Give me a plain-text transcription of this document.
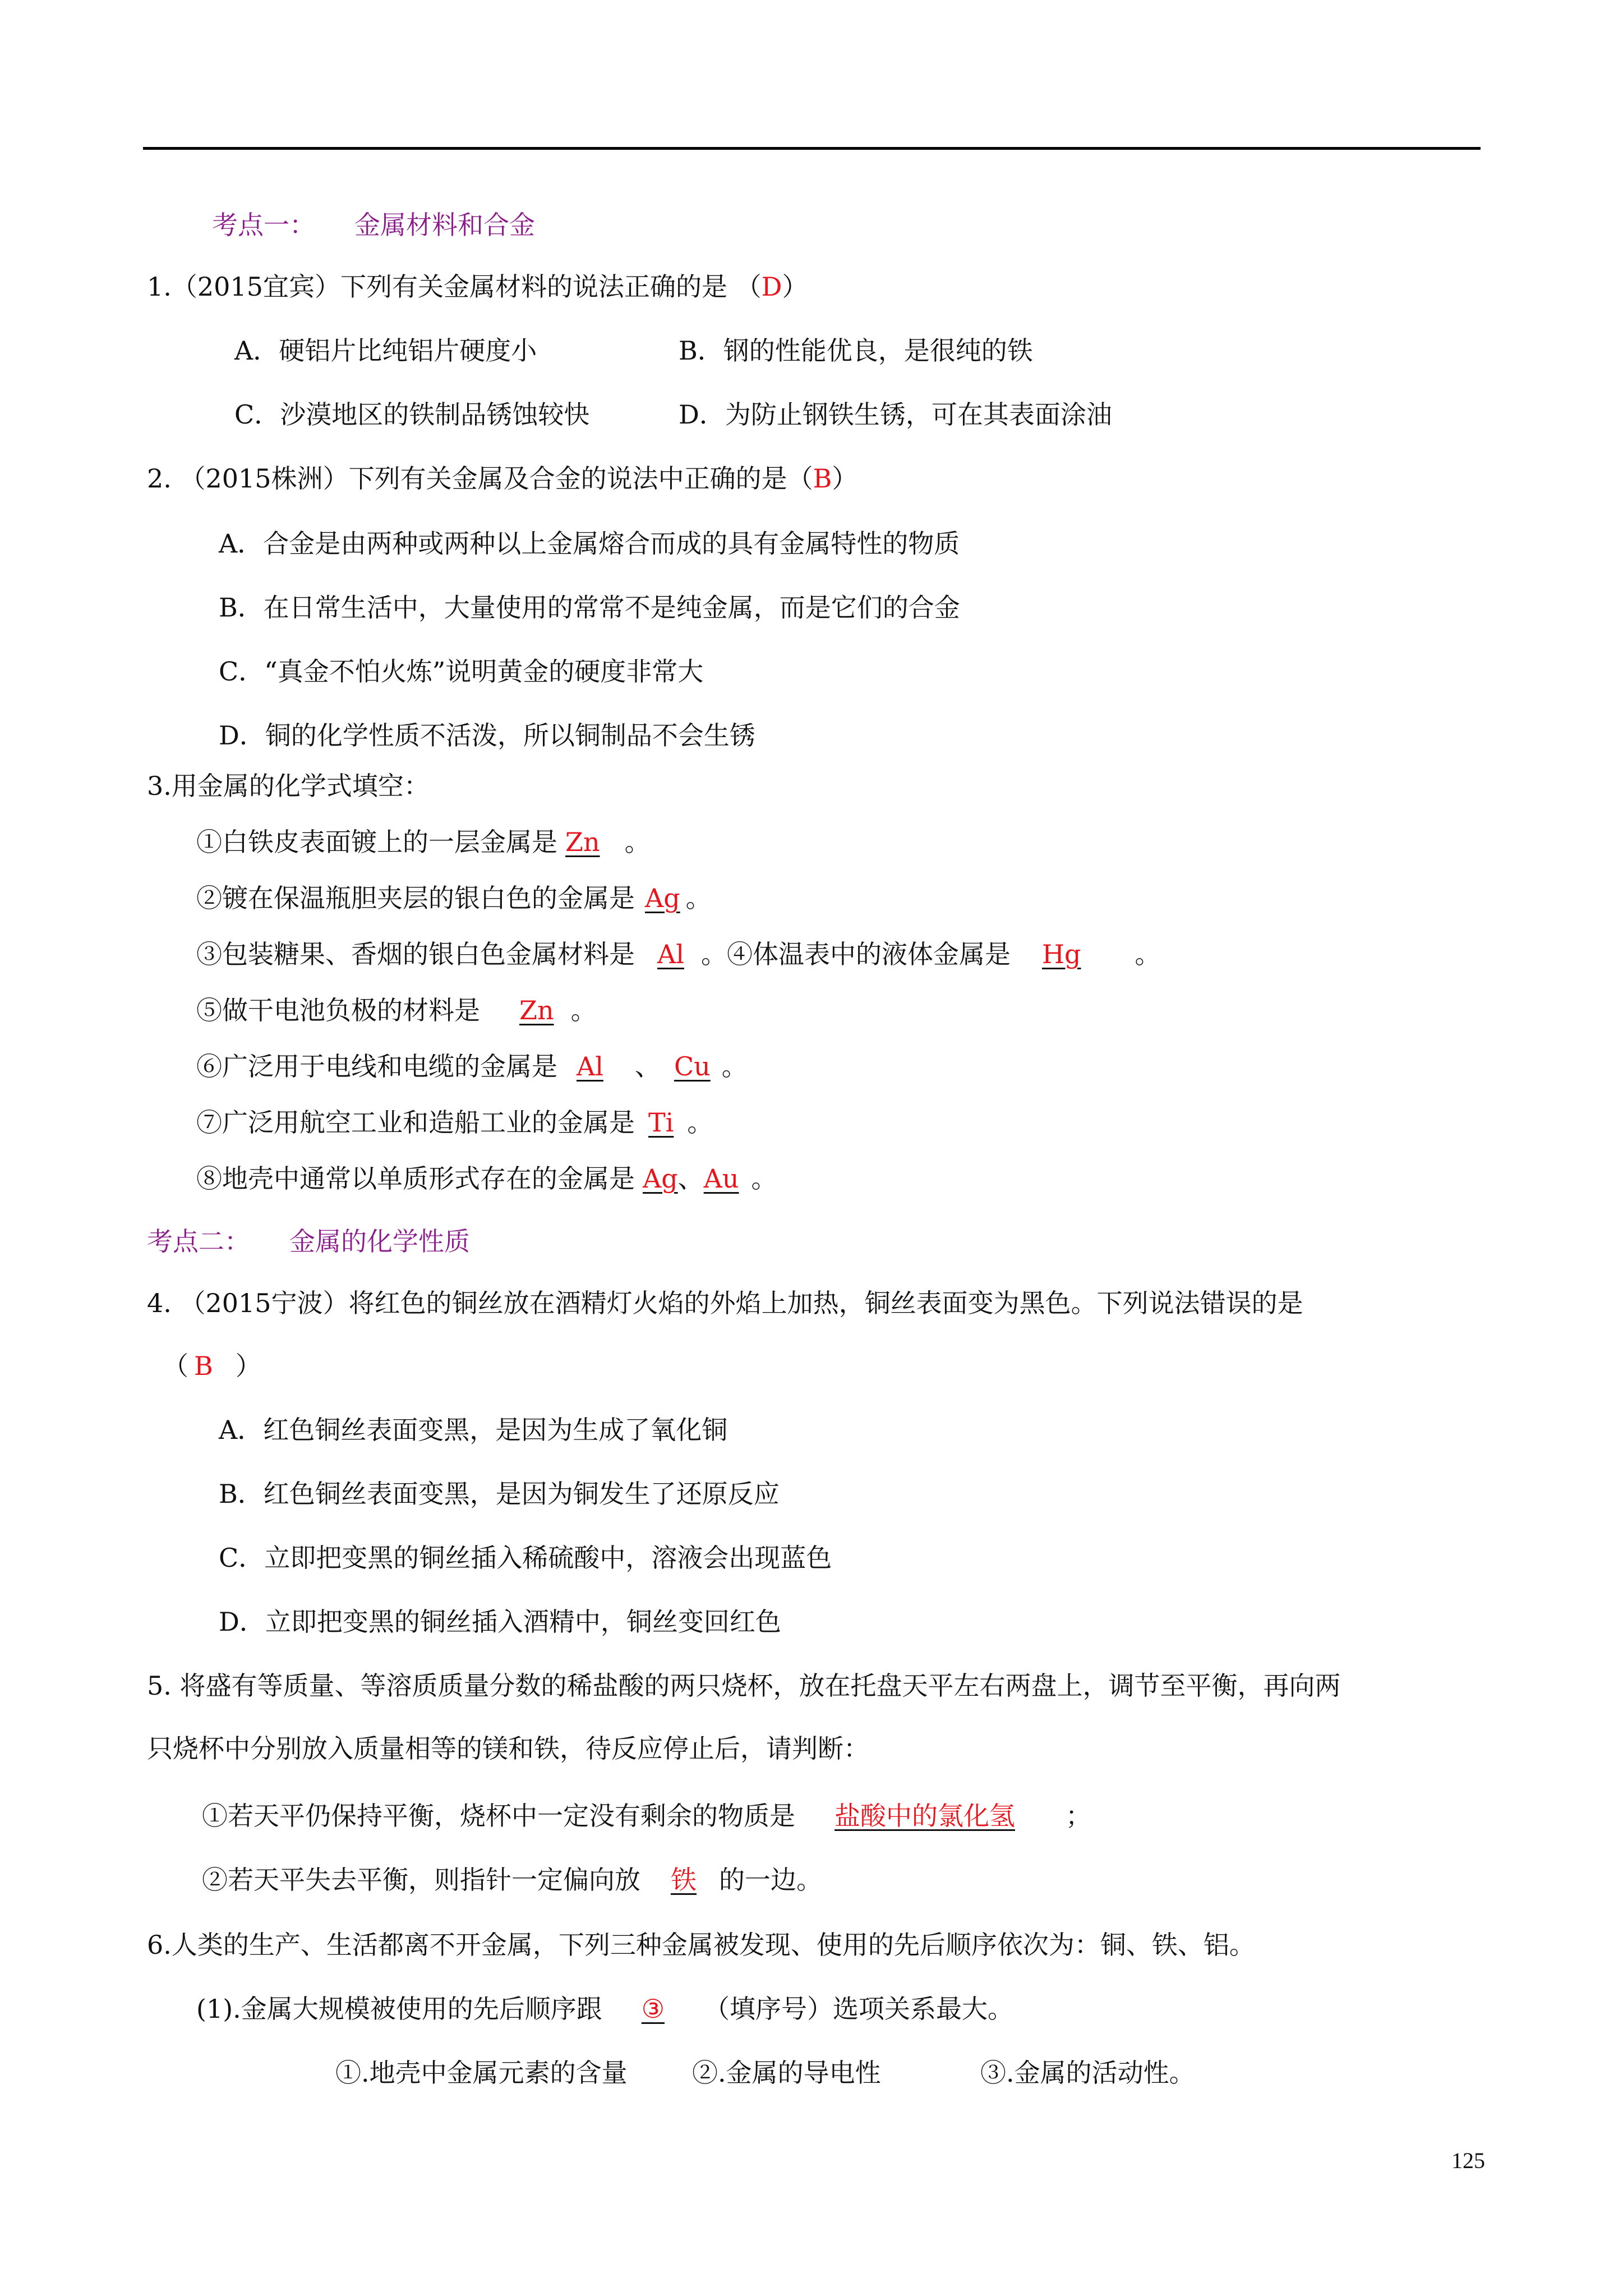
考点一： 金属材料和合金
1.（2015宜宾）下列有关金属材料的说法正确的是 （D）
A．硬铝片比纯铝片硬度小	B．钢的性能优良，是很纯的铁
C．沙漠地区的铁制品锈蚀较快	D．为防止钢铁生锈，可在其表面涂油
2. （2015株洲）下列有关金属及合金的说法中正确的是（B）
A．合金是由两种或两种以上金属熔合而成的具有金属特性的物质
B．在日常生活中，大量使用的常常不是纯金属，而是它们的合金
C．“真金不怕火炼”说明黄金的硬度非常大
D．铜的化学性质不活泼，所以铜制品不会生锈
3.用金属的化学式填空：
①白铁皮表面镀上的一层金属是 Zn 。
②镀在保温瓶胆夹层的银白色的金属是 Ag 。
③包装糖果、香烟的银白色金属材料是 Al 。④体温表中的液体金属是 Hg 。
⑤做干电池负极的材料是 Zn 。
⑥广泛用于电线和电缆的金属是 Al 、 Cu 。
⑦广泛用航空工业和造船工业的金属是 Ti 。
⑧地壳中通常以单质形式存在的金属是 Ag、Au 。
考点二： 金属的化学性质
4. （2015宁波）将红色的铜丝放在酒精灯火焰的外焰上加热，铜丝表面变为黑色。下列说法错误的是
（ B ）
A．红色铜丝表面变黑，是因为生成了氧化铜
B．红色铜丝表面变黑，是因为铜发生了还原反应
C．立即把变黑的铜丝插入稀硫酸中，溶液会出现蓝色
D．立即把变黑的铜丝插入酒精中，铜丝变回红色
5. 将盛有等质量、等溶质质量分数的稀盐酸的两只烧杯，放在托盘天平左右两盘上，调节至平衡，再向两
只烧杯中分别放入质量相等的镁和铁，待反应停止后，请判断：
①若天平仍保持平衡，烧杯中一定没有剩余的物质是 盐酸中的氯化氢 ；
②若天平失去平衡，则指针一定偏向放 铁 的一边。
6.人类的生产、生活都离不开金属，下列三种金属被发现、使用的先后顺序依次为：铜、铁、铝。
(1).金属大规模被使用的先后顺序跟 ③ （填序号）选项关系最大。
①.地壳中金属元素的含量	②.金属的导电性	③.金属的活动性。
125
